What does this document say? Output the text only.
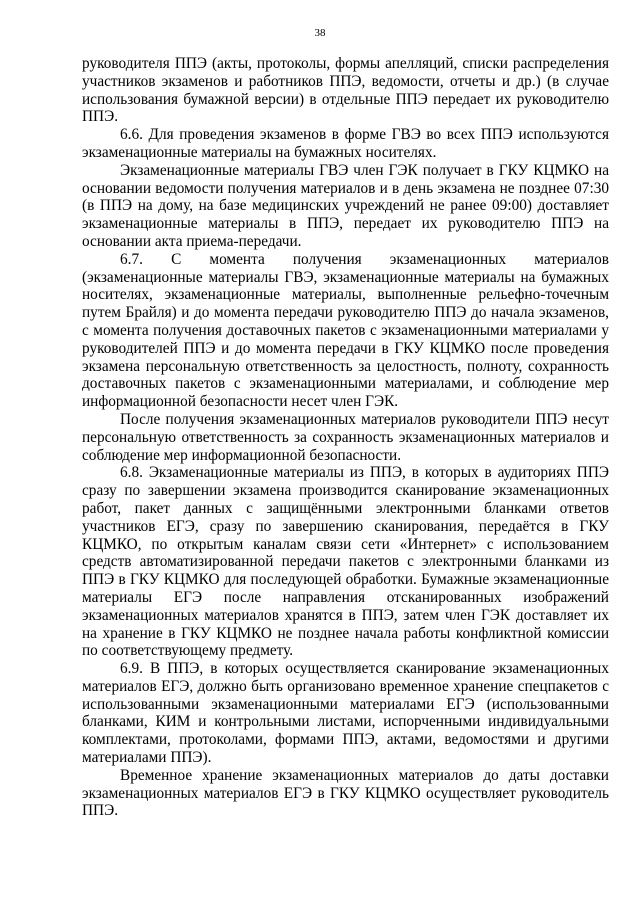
38

руководителя ППЭ (акты, протоколы, формы апелляций, списки распределения участников экзаменов и работников ППЭ, ведомости, отчеты и др.) (в случае использования бумажной версии) в отдельные ППЭ передает их руководителю ППЭ.

6.6. Для проведения экзаменов в форме ГВЭ во всех ППЭ используются экзаменационные материалы на бумажных носителях.

Экзаменационные материалы ГВЭ член ГЭК получает в ГКУ КЦМКО на основании ведомости получения материалов и в день экзамена не позднее 07:30 (в ППЭ на дому, на базе медицинских учреждений не ранее 09:00) доставляет экзаменационные материалы в ППЭ, передает их руководителю ППЭ на основании акта приема-передачи.

6.7. С момента получения экзаменационных материалов (экзаменационные материалы ГВЭ, экзаменационные материалы на бумажных носителях, экзаменационные материалы, выполненные рельефно-точечным путем Брайля) и до момента передачи руководителю ППЭ до начала экзаменов, с момента получения доставочных пакетов с экзаменационными материалами у руководителей ППЭ и до момента передачи в ГКУ КЦМКО после проведения экзамена персональную ответственность за целостность, полноту, сохранность доставочных пакетов с экзаменационными материалами, и соблюдение мер информационной безопасности несет член ГЭК.

После получения экзаменационных материалов руководители ППЭ несут персональную ответственность за сохранность экзаменационных материалов и соблюдение мер информационной безопасности.

6.8. Экзаменационные материалы из ППЭ, в которых в аудиториях ППЭ сразу по завершении экзамена производится сканирование экзаменационных работ, пакет данных с защищёнными электронными бланками ответов участников ЕГЭ, сразу по завершению сканирования, передаётся в ГКУ КЦМКО, по открытым каналам связи сети «Интернет» с использованием средств автоматизированной передачи пакетов с электронными бланками из ППЭ в ГКУ КЦМКО для последующей обработки. Бумажные экзаменационные материалы ЕГЭ после направления отсканированных изображений экзаменационных материалов хранятся в ППЭ, затем член ГЭК доставляет их на хранение в ГКУ КЦМКО не позднее начала работы конфликтной комиссии по соответствующему предмету.

6.9. В ППЭ, в которых осуществляется сканирование экзаменационных материалов ЕГЭ, должно быть организовано временное хранение спецпакетов с использованными экзаменационными материалами ЕГЭ (использованными бланками, КИМ и контрольными листами, испорченными индивидуальными комплектами, протоколами, формами ППЭ, актами, ведомостями и другими материалами ППЭ).

Временное хранение экзаменационных материалов до даты доставки экзаменационных материалов ЕГЭ в ГКУ КЦМКО осуществляет руководитель ППЭ.
